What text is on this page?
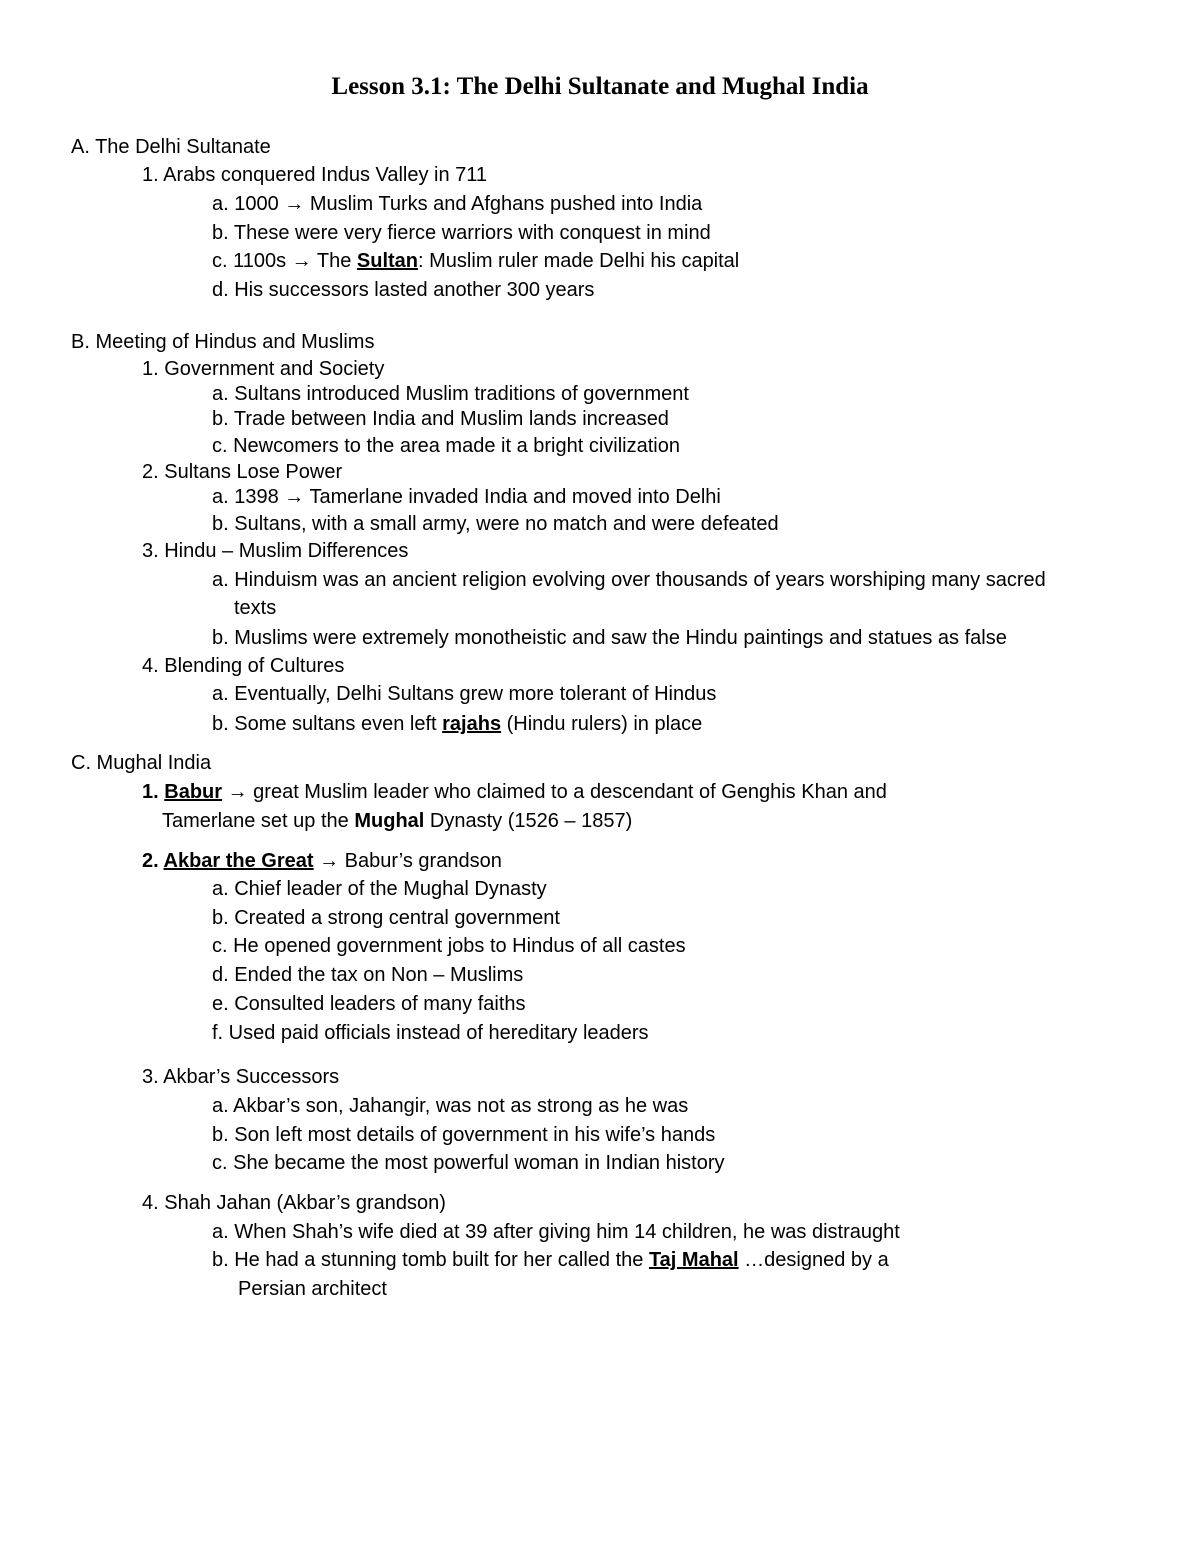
Lesson 3.1: The Delhi Sultanate and Mughal India
A. The Delhi Sultanate
1. Arabs conquered Indus Valley in 711
a. 1000 → Muslim Turks and Afghans pushed into India
b. These were very fierce warriors with conquest in mind
c. 1100s → The Sultan: Muslim ruler made Delhi his capital
d. His successors lasted another 300 years
B. Meeting of Hindus and Muslims
1. Government and Society
a. Sultans introduced Muslim traditions of government
b. Trade between India and Muslim lands increased
c. Newcomers to the area made it a bright civilization
2. Sultans Lose Power
a. 1398 → Tamerlane invaded India and moved into Delhi
b. Sultans, with a small army, were no match and were defeated
3. Hindu – Muslim Differences
a. Hinduism was an ancient religion evolving over thousands of years worshiping many sacred
texts
b. Muslims were extremely monotheistic and saw the Hindu paintings and statues as false
4. Blending of Cultures
a. Eventually, Delhi Sultans grew more tolerant of Hindus
b. Some sultans even left rajahs (Hindu rulers) in place
C. Mughal India
1. Babur → great Muslim leader who claimed to a descendant of Genghis Khan and
Tamerlane set up the Mughal Dynasty (1526 – 1857)
2. Akbar the Great → Babur’s grandson
a. Chief leader of the Mughal Dynasty
b. Created a strong central government
c. He opened government jobs to Hindus of all castes
d. Ended the tax on Non – Muslims
e. Consulted leaders of many faiths
f. Used paid officials instead of hereditary leaders
3. Akbar’s Successors
a. Akbar’s son, Jahangir, was not as strong as he was
b. Son left most details of government in his wife’s hands
c. She became the most powerful woman in Indian history
4. Shah Jahan (Akbar’s grandson)
a. When Shah’s wife died at 39 after giving him 14 children, he was distraught
b. He had a stunning tomb built for her called the Taj Mahal …designed by a
Persian architect
